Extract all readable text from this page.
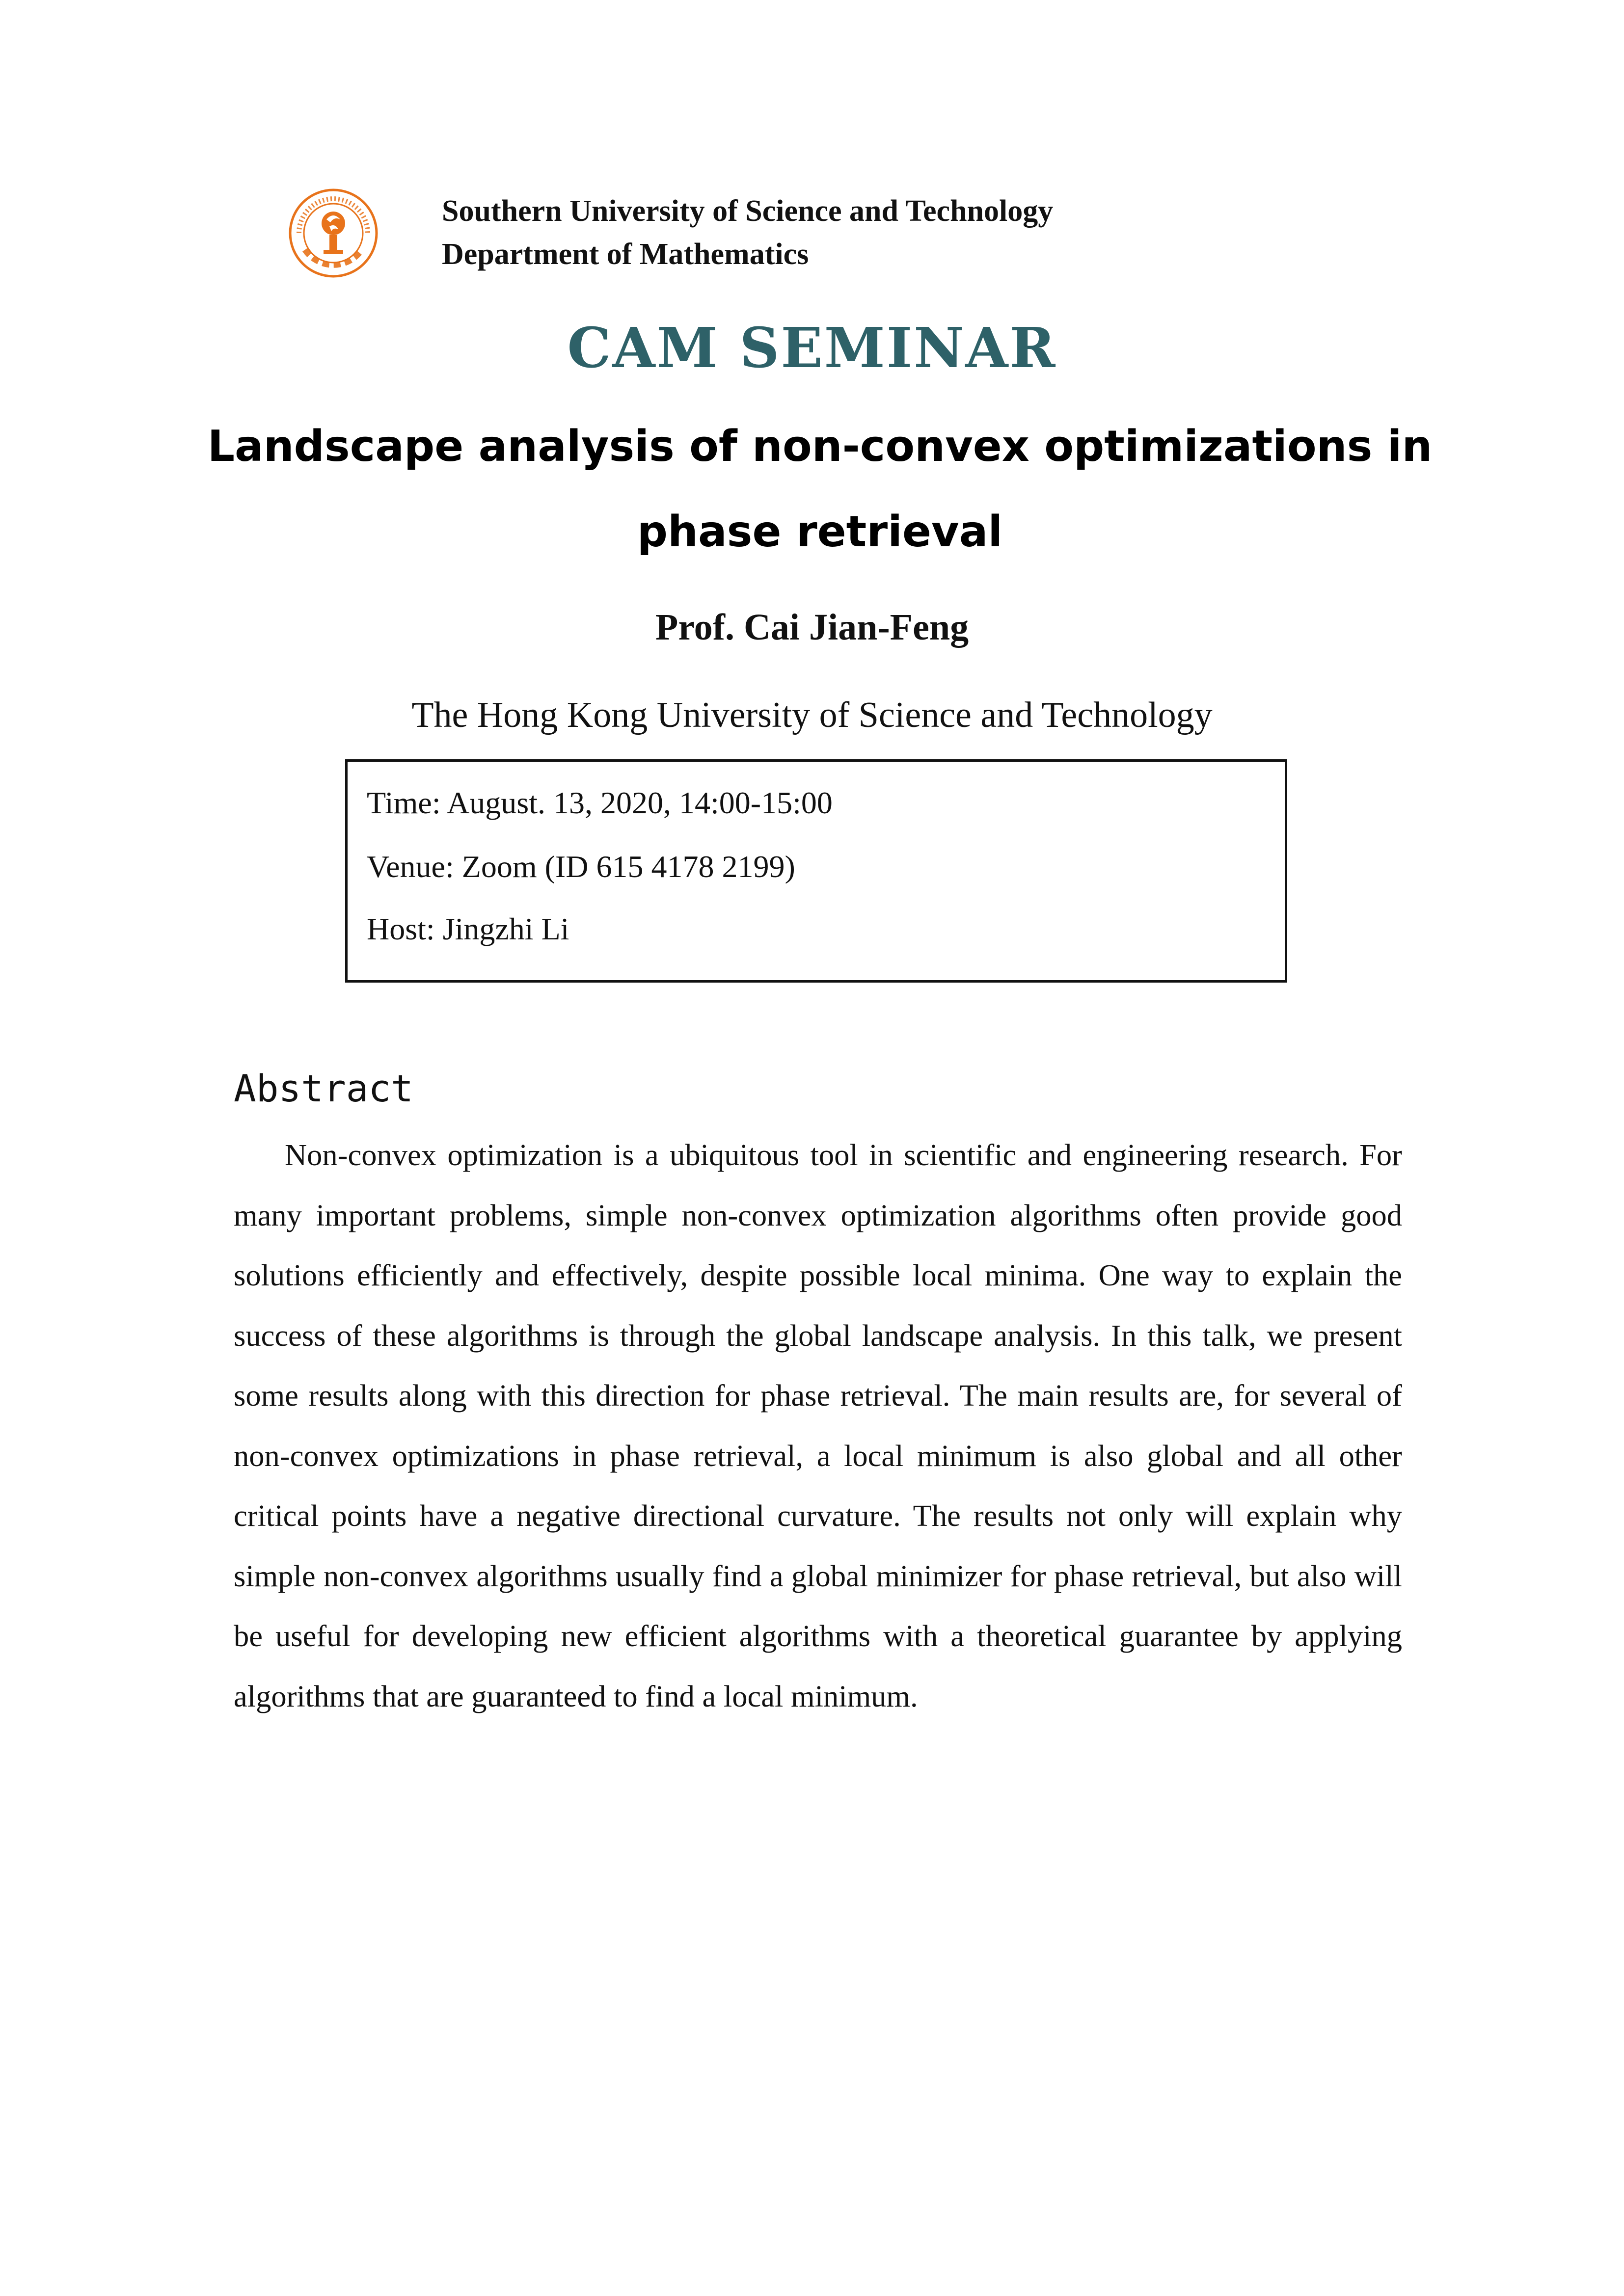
Southern University of Science and Technology
Department of Mathematics
CAM SEMINAR
Landscape analysis of non-convex optimizations in phase retrieval
Prof. Cai Jian-Feng
The Hong Kong University of Science and Technology
Time: August. 13, 2020, 14:00-15:00
Venue: Zoom (ID 615 4178 2199)
Host: Jingzhi Li
Abstract

Non-convex optimization is a ubiquitous tool in scientific and engineering research. For many important problems, simple non-convex optimization algorithms often provide good solutions efficiently and effectively, despite possible local minima. One way to explain the success of these algorithms is through the global landscape analysis. In this talk, we present some results along with this direction for phase retrieval. The main results are, for several of non-convex optimizations in phase retrieval, a local minimum is also global and all other critical points have a negative directional curvature. The results not only will explain why simple non-convex algorithms usually find a global minimizer for phase retrieval, but also will be useful for developing new efficient algorithms with a theoretical guarantee by applying algorithms that are guaranteed to find a local minimum.
